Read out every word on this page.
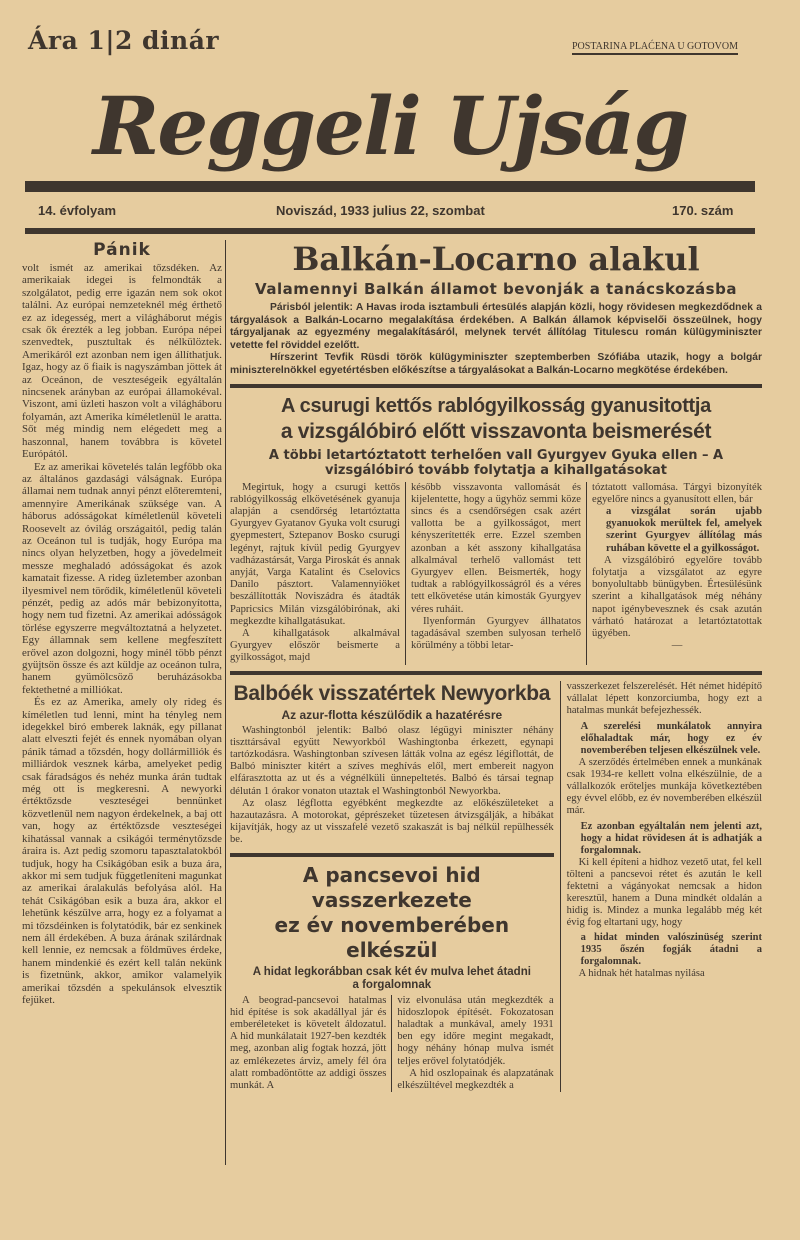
Ára 1|2 dinár	POSTARINA PLAĆENA U GOTOVOM
Reggeli Ujság
14. évfolyam	Noviszád, 1933 julius 22, szombat	170. szám
Pánik

volt ismét az amerikai tőzsdéken. Az amerikaiak idegei is felmondták a szolgálatot, pedig erre igazán nem sok okot találni. Az európai nemzeteknél még érthető ez az idegesség, mert a világháborut mégis csak ők érezték a leg jobban. Európa népei szenvedtek, pusztultak és nélkülöztek. Amerikáról ezt azonban nem igen állíthatjuk. Igaz, hogy az ő fiaik is nagyszámban jöttek át az Oceánon, de veszteségeik egyáltalán nincsenek arányban az európai államokéval. Viszont, ami üzleti haszon volt a világháboru folyamán, azt Amerika kíméletlenül le aratta. Sőt még mindig nem elégedett meg a haszonnal, hanem továbbra is követel Európától.

Ez az amerikai követelés talán legfőbb oka az általános gazdasági válságnak. Európa államai nem tudnak annyi pénzt előteremteni, amennyire Amerikának szüksége van. A háborus adósságokat kíméletlenül követeli Roosevelt az óvilág országaitól, pedig talán az Oceánon tul is tudják, hogy Európa ma nincs olyan helyzetben, hogy a jövedelmeit messze meghaladó adósságokat és azok kamatait fizesse. A rideg üzletember azonban ilyesmivel nem törődik, kíméletlenül követeli pénzét, pedig az adós már bebizonyította, hogy nem tud fizetni. Az amerikai adósságok törlése egyszerre megváltoztatná a helyzetet. Egy államnak sem kellene megfeszített erővel azon dolgozni, hogy minél több pénzt gyüjtsön össze és azt küldje az oceánon tulra, hanem gyümölcsöző beruházásokba fektethetné a milliókat.

És ez az Amerika, amely oly rideg és kíméletlen tud lenni, mint ha tényleg nem idegekkel biró emberek laknák, egy pillanat alatt elveszti fejét és ennek nyomában olyan pánik támad a tőzsdén, hogy dollármilliók és milliárdok vesznek kárba, amelyeket pedig csak fáradságos és nehéz munka árán tudtak még ott is megkeresni. A newyorki értéktőzsde veszteségei bennünket közvetlenül nem nagyon érdekelnek, a baj ott van, hogy az értéktőzsde veszteségei kihatással vannak a csikágói terménytőzsde áraira is. Azt pedig szomoru tapasztalatokból tudjuk, hogy ha Csikágóban esik a buza ára, akkor mi sem tudjuk függetleníteni magunkat az amerikai áralakulás befolyása alól. Ha tehát Csikágóban esik a buza ára, akkor el lehetünk készülve arra, hogy ez a folyamat a mi tőzsdéinken is folytatódik, bár ez senkinek nem áll érdekében. A buza árának szilárdnak kell lennie, ez nemcsak a földmüves érdeke, hanem mindenkié és ezért kell talán nekünk is fizetnünk, akkor, amikor valamelyik amerikai tőzsdén a spekulánsok elvesztik fejüket.

Balkán-Locarno alakul
Valamennyi Balkán államot bevonják a tanácskozásba

Párisból jelentik: A Havas iroda isztambuli értesülés alapján közli, hogy rövidesen megkezdődnek a tárgyalások a Balkán-Locarno megalakítása érdekében. A Balkán államok képviselői összeülnek, hogy tárgyaljanak az egyezmény megalakításáról, melynek tervét állítólag Titulescu román külügyminiszter vetette fel röviddel ezelőtt.

Hírszerint Tevfik Rüsdi török külügyminiszter szeptemberben Szófiába utazik, hogy a bolgár miniszterelnökkel egyetértésben előkészítse a tárgyalásokat a Balkán-Locarno megkötése érdekében.

A csurugi kettős rablógyilkosság gyanusitottja
a vizsgálóbiró előtt visszavonta beismerését
A többi letartóztatott terhelően vall Gyurgyev Gyuka ellen – A vizsgálóbiró tovább folytatja a kihallgatásokat

Megirtuk, hogy a csurugi kettős rablógyilkosság elkövetésének gyanuja alapján a csendőrség letartóztatta Gyurgyev Gyatanov Gyuka volt csurugi gyepmestert, Sztepanov Bosko csurugi legényt, rajtuk kívül pedig Gyurgyev vadházastársát, Varga Piroskát és annak anyját, Varga Katalint és Cselovics Danilo pásztort. Valamennyiöket beszállították Noviszádra és átadták Papricsics Milán vizsgálóbirónak, aki megkezdte kihallgatásukat.

A kihallgatások alkalmával Gyurgyev először beismerte a gyilkosságot, majd

később visszavonta vallomását és kijelentette, hogy a ügyhöz semmi köze sincs és a csendőrségen csak azért vallotta be a gyilkosságot, mert kényszerítették erre. Ezzel szemben azonban a két asszony kihallgatása alkalmával terhelő vallomást tett Gyurgyev ellen. Beismerték, hogy tudtak a rablógyilkosságról és a véres tett elkövetése után kimosták Gyurgyev véres ruháit.

Ilyenformán Gyurgyev állhatatos tagadásával szemben sulyosan terhelő körülmény a többi letar-

tóztatott vallomása. Tárgyi bizonyíték egyelőre nincs a gyanusított ellen, bár

a vizsgálat során ujabb gyanuokok merültek fel, amelyek szerint Gyurgyev állítólag más ruhában követte el a gyilkosságot.

A vizsgálóbiró egyelőre tovább folytatja a vizsgálatot az egyre bonyolultabb bünügyben. Értesülésünk szerint a kihallgatások még néhány napot igénybevesznek és csak azután várható határozat a letartóztatottak ügyében.

—
Balbóék visszatértek Newyorkba
Az azur-flotta készülődik a hazatérésre

Washingtonból jelentik: Balbó olasz légügyi miniszter néhány tiszttársával együtt Newyorkból Washingtonba érkezett, egynapi tartózkodásra. Washingtonban szívesen látták volna az egész légiflottát, de Balbó miniszter kitért a szíves meghívás elől, mert embereit nagyon elfárasztotta az ut és a végnélküli ünnepeltetés. Balbó és társai tegnap délután 1 órakor vonaton utaztak el Washingtonból Newyorkba.

Az olasz légflotta egyébként megkezdte az előkészületeket a hazautazásra. A motorokat, géprészeket tüzetesen átvizsgálják, a hibákat kijavítják, hogy az ut visszafelé vezető szakaszát is baj nélkül repülhessék be.

A pancsevoi hid vasszerkezete
ez év novemberében elkészül
A hidat legkorábban csak két év mulva lehet átadni a forgalomnak

A beograd-pancsevoi hatalmas hid építése is sok akadállyal jár és emberéleteket is követelt áldozatul. A hid munkálatait 1927-ben kezdték meg, azonban alig fogtak hozzá, jött az emlékezetes árviz, amely fél óra alatt rombadöntötte az addigi összes munkát. A

viz elvonulása után megkezdték a hidoszlopok építését. Fokozatosan haladtak a munkával, amely 1931 ben egy időre megint megakadt, hogy néhány hónap mulva ismét teljes erővel folytatódjék.

A hid oszlopainak és alapzatának elkészültével megkezdték a

vasszerkezet felszerelését. Hét német hidépítő vállalat lépett konzorciumba, hogy ezt a hatalmas munkát befejezhessék.

A szerelési munkálatok annyira előhaladtak már, hogy ez év novemberében teljesen elkészülnek vele.

A szerződés értelmében ennek a munkának csak 1934-re kellett volna elkészülnie, de a vállalkozók erőteljes munkája következtében egy évvel előbb, ez év novemberében elkészül már.

Ez azonban egyáltalán nem jelenti azt, hogy a hidat rövidesen át is adhatják a forgalomnak.

Ki kell építeni a hidhoz vezető utat, fel kell tölteni a pancsevoi rétet és azután le kell fektetni a vágányokat nemcsak a hidon keresztül, hanem a Duna mindkét oldalán a hidig is. Mindez a munka legalább még két évig fog eltartani ugy, hogy

a hidat minden valószinüség szerint 1935 őszén fogják átadni a forgalomnak.

A hidnak hét hatalmas nyilása
